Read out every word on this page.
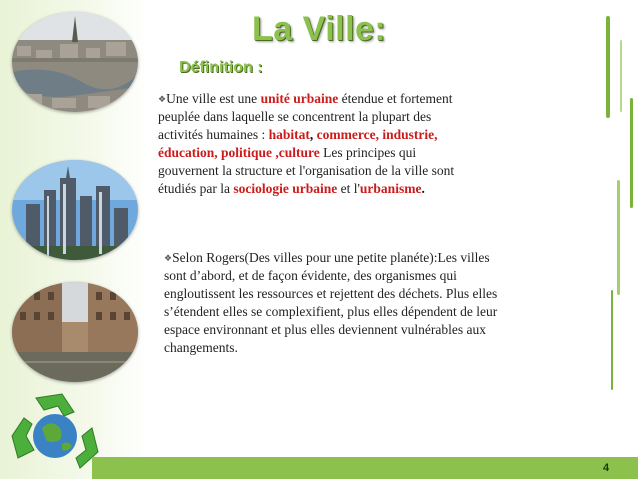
La Ville:
Définition :

❖Une ville est une unité urbaine étendue et fortement peuplée dans laquelle se concentrent la plupart des activités humaines : habitat, commerce, industrie, éducation, politique ,culture Les principes qui gouvernent la structure et l'organisation de la ville sont étudiés par la sociologie urbaine et l'urbanisme.

❖Selon Rogers(Des villes pour une petite planéte):Les villes sont d’abord, et de façon évidente, des organismes qui engloutissent les ressources et rejettent des déchets. Plus elles s’étendent elles se complexifient, plus elles dépendent de leur espace environnant et plus elles deviennent vulnérables aux changements.

4
